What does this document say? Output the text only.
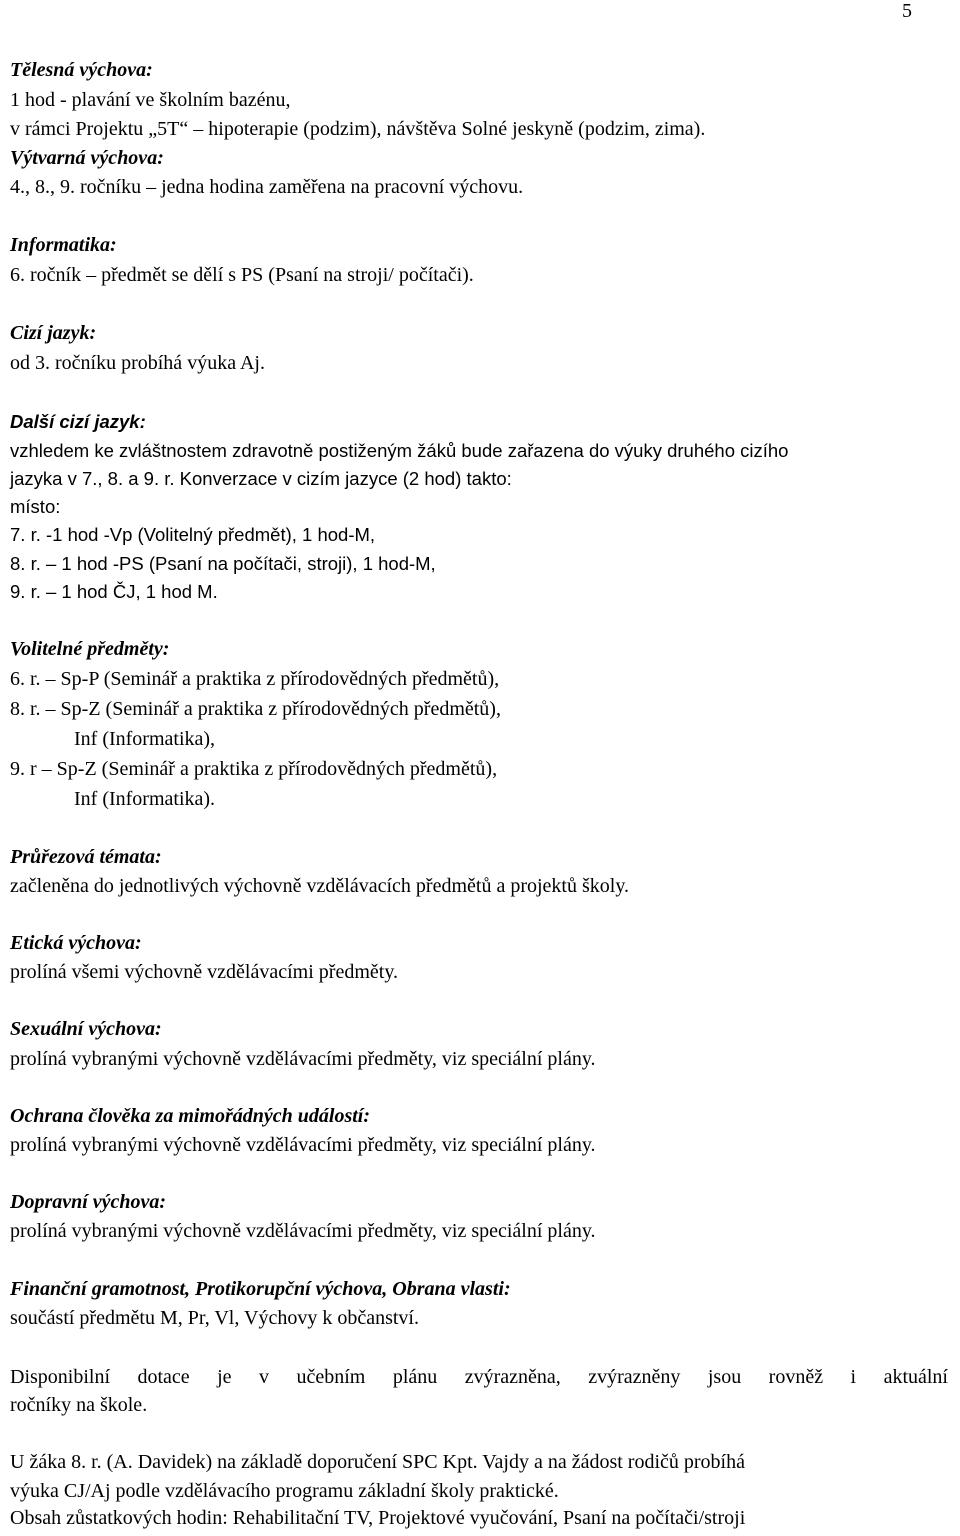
5
Tělesná výchova:
1 hod - plavání ve školním bazénu,
v rámci Projektu „5T“ – hipoterapie (podzim), návštěva Solné jeskyně (podzim, zima).
Výtvarná výchova:
4., 8., 9. ročníku – jedna hodina zaměřena na pracovní výchovu.
Informatika:
6. ročník – předmět se dělí s PS (Psaní na stroji/ počítači).
Cizí jazyk:
od 3. ročníku probíhá výuka Aj.
Další cizí jazyk:
vzhledem ke zvláštnostem zdravotně postiženým žáků bude zařazena do výuky druhého cizího
jazyka v 7., 8. a 9. r. Konverzace v cizím jazyce (2 hod) takto:
místo:
7. r. -1 hod -Vp (Volitelný předmět), 1 hod-M,
8. r. – 1 hod -PS (Psaní na počítači, stroji), 1 hod-M,
9. r. – 1 hod ČJ, 1 hod M.
Volitelné předměty:
6. r. – Sp-P (Seminář a praktika z přírodovědných předmětů),
8. r. – Sp-Z (Seminář a praktika z přírodovědných předmětů),
Inf (Informatika),
9. r – Sp-Z (Seminář a praktika z přírodovědných předmětů),
Inf (Informatika).
Průřezová témata:
začleněna do jednotlivých výchovně vzdělávacích předmětů a projektů školy.
Etická výchova:
prolíná všemi výchovně vzdělávacími předměty.
Sexuální výchova:
prolíná vybranými výchovně vzdělávacími předměty, viz speciální plány.
Ochrana člověka za mimořádných událostí:
prolíná vybranými výchovně vzdělávacími předměty, viz speciální plány.
Dopravní výchova:
prolíná vybranými výchovně vzdělávacími předměty, viz speciální plány.
Finanční gramotnost, Protikorupční výchova, Obrana vlasti:
součástí předmětu M, Pr, Vl, Výchovy k občanství.
Disponibilní dotace je v učebním plánu zvýrazněna, zvýrazněny jsou rovněž i aktuální
ročníky na škole.
U žáka 8. r. (A. Davidek) na základě doporučení SPC Kpt. Vajdy a na žádost rodičů probíhá
výuka CJ/Aj podle vzdělávacího programu základní školy praktické.
Obsah zůstatkových hodin: Rehabilitační TV, Projektové vyučování, Psaní na počítači/stroji
